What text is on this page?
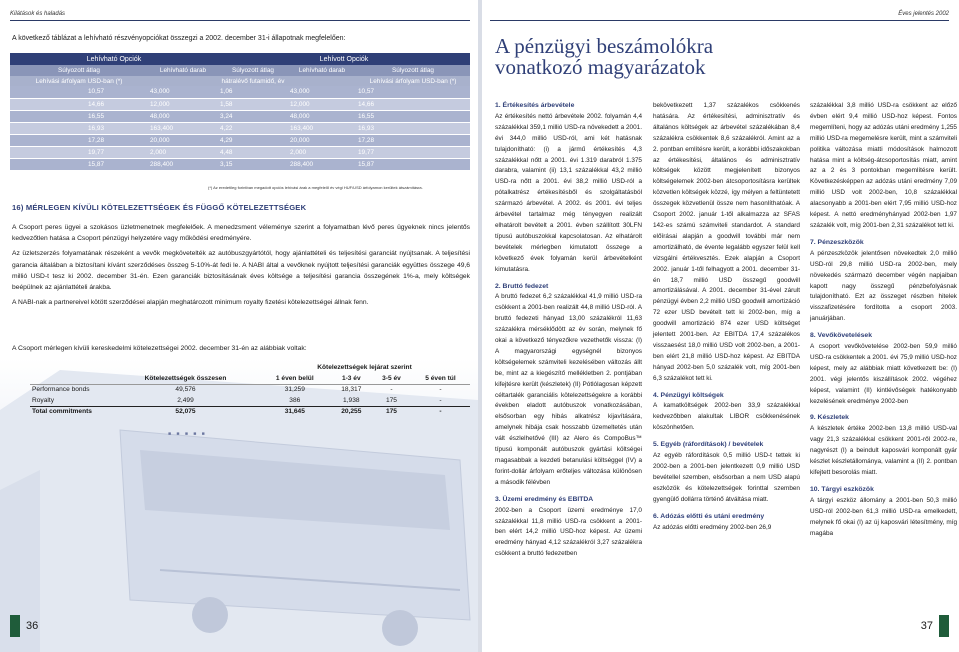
Kilátások és haladás
A következő táblázat a lehívható részvényopciókat összegzi a 2002. december 31-i állapotnak megfelelően:
Lehívható Opciók		Lehívott Opciók		
Súlyozott átlag	Lehívható darab	Súlyozott átlag	Lehívható darab	Súlyozott átlag
Lehívási árfolyam USD-ban (*)		hátralévő futamidő, év		Lehívási árfolyam USD-ban (*)
10,57	43,000	1,06	43,000	10,57
14,66	12,000	1,58	12,000	14,66
16,55	48,000	3,24	48,000	16,55
16,93	163,400	4,22	163,400	16,93
17,28	20,000	4,29	20,000	17,28
19,77	2,000	4,48	2,000	19,77
15,87	288,400	3,15	288,400	15,87
(*) Az eredetileg forintban megadott opciós lehívási árak a megfelelő év végi HUF/USD árfolyamon kerültek átszámításra.
16) MÉRLEGEN KÍVÜLI KÖTELEZETTSÉGEK ÉS FÜGGŐ KÖTELEZETTSÉGEK

A Csoport peres ügyei a szokásos üzletmenetnek megfelelőek. A menedzsment véleménye szerint a folyamatban lévő peres ügyeknek nincs jelentős kedvezőtlen hatása a Csoport pénzügyi helyzetére vagy működési eredményére.

Az üzletszerzés folyamatának részeként a vevők megkövetelték az autóbuszgyártótól, hogy ajánlattételi és teljesítési garanciát nyújtsanak. A teljesítési garancia általában a biztosítani kívánt szerződéses összeg 5-10%-át fedi le. A NABI által a vevőknek nyújtott teljesítési garanciák együttes összege 49,6 millió USD-t tesz ki 2002. december 31-én. Ezen garanciák biztosításának éves költsége a teljesítési garancia összegének 1%-a, mely költségek beépülnek az ajánlattételi árakba.

A NABI-nak a partnereivel kötött szerződései alapján meghatározott minimum royalty fizetési kötelezettségei állnak fenn.

A Csoport mérlegen kívüli kereskedelmi kötelezettségei 2002. december 31-én az alábbiak voltak:
		Kötelezettségek lejárat szerint			
	Kötelezettségek összesen	1 éven belül	1-3 év	3-5 év	5 éven túl
Performance bonds	49,576	31,259	18,317	-	-
Royalty	2,499	386	1,938	175	-
Total commitments	52,075	31,645	20,255	175	-
■ ■ ■ ■ ■
36
Éves jelentés 2002
A pénzügyi beszámolókra
vonatkozó magyarázatok
1. Értékesítés árbevétele

Az értékesítés nettó árbevétele 2002. folyamán 4,4 százalékkal 359,1 millió USD-ra növekedett a 2001. évi 344,0 millió USD-ról, ami két hatásnak tulajdonítható: (i) a jármű értékesítés 4,3 százalékkal nőtt a 2001. évi 1.319 darabról 1.375 darabra, valamint (ii) 13,1 százalékkal 43,2 millió USD-ra nőtt a 2001. évi 38,2 millió USD-ról a pótalkatrész értékesítésből és szolgáltatásból származó árbevétel. A 2002. és 2001. évi teljes árbevétel tartalmaz még tényegyen realizált elhatárolt bevételt a 2001. évben szállított 30LFN típusú autóbuszokkal kapcsolatosan. Az elhatárolt bevételek mérlegben kimutatott összege a következő évek folyamán kerül árbevételként kimutatásra.

2. Bruttó fedezet

A bruttó fedezet 6,2 százalékkal 41,9 millió USD-ra csökkent a 2001-ben realizált 44,8 millió USD-ról. A bruttó fedezeti hányad 13,00 százalékról 11,63 százalékra mérséklődött az év során, melynek fő okai a következő tényezőkre vezethetők vissza: (I) A magyarországi egységnél bizonyos költségelemek számviteli kezelésében változás állt be, mint az a kiegészítő mellékletben 2. pontjában kifejtésre került (készletek) (II) Pótlólagosan képzett céltartalék garanciális kötelezettségekre a korábbi években eladott autóbuszok vonatkozásában, elsősorban egy hibás alkatrész kijavítására, amelynek hibája csak hosszabb üzemeltetés után vált észlelhetővé (III) az Alero és CompoBus™ típusú komponált autóbuszok gyártási költségei magasabbak a kezdeti betanulási költséggel (IV) a forint-dollár árfolyam erőteljes változása különösen a második félévben

3. Üzemi eredmény és EBITDA

2002-ben a Csoport üzemi eredménye 17,0 százalékkal 11,8 millió USD-ra csökkent a 2001-ben elért 14,2 millió USD-hoz képest. Az üzemi eredmény hányad 4,12 százalékról 3,27 százalékra csökkent a bruttó fedezetben

bekövetkezett 1,37 százalékos csökkenés hatására. Az értékesítési, adminisztratív és általános költségek az árbevétel százalékában 8,4 százalékra csökkentek 8,6 százalékról. Amint az a 2. pontban említésre került, a korábbi időszakokban az értékesítési, általános és adminisztratív költségek között megjelenített bizonyos költségelemek 2002-ben átcsoportosításra kerültek közvetlen költségek közzé, így mélyen a feltüntetett összegek közvetlenül össze nem hasonlíthatóak. A Csoport 2002. január 1-től alkalmazza az SFAS 142-es számú számviteli standardot. A standard előírásai alapján a goodwill további már nem amortizálható, de évente legalább egyszer felül kell vizsgálni értékvesztés. Ezek alapján a Csoport 2002. január 1-től felhagyott a 2001. december 31-én 18,7 millió USD összegű goodwill amortizálásával. A 2001. december 31-ével zárult pénzügyi évben 2,2 millió USD goodwill amortizáció 72 ezer USD bevételt tett ki 2002-ben, míg a goodwill amortizáció 874 ezer USD költséget jelentett 2001-ben. Az EBITDA 17,4 százalékos visszaesést 18,0 millió USD volt 2002-ben, a 2001-ben elért 21,8 millió USD-hoz képest. Az EBITDA hányad 2002-ben 5,0 százalék volt, míg 2001-ben 6,3 százalékot tett ki.

4. Pénzügyi költségek

A kamatköltségek 2002-ben 33,9 százalékkal kedvezőbben alakultak LIBOR csökkenésének köszönhetően.

5. Egyéb (ráfordítások) / bevételek

Az egyéb ráfordítások 0,5 millió USD-t tettek ki 2002-ben a 2001-ben jelentkezett 0,9 millió USD bevétellel szemben, elsősorban a nem USD alapú eszközök és kötelezettségek forinttal szemben gyengülő dollárra történő átváltása miatt.

6. Adózás előtti és utáni eredmény

Az adózás előtti eredmény 2002-ben 26,9

százalékkal 3,8 millió USD-ra csökkent az előző évben elért 9,4 millió USD-hoz képest. Fontos megemlíteni, hogy az adózás utáni eredmény 1,255 millió USD-ra megemelésre került, mint a számviteli politika változása miatti módosítások halmozott hatása mint a költség-átcsoportosítás miatt, amint az a 2 és 3 pontokban megemlítésre került. Következésképpen az adózás utáni eredmény 7,09 millió USD volt 2002-ben, 10,8 százalékkal alacsonyabb a 2001-ben elért 7,95 millió USD-hoz képest. A nettó eredményhányad 2002-ben 1,97 százalék volt, míg 2001-ben 2,31 százalékot tett ki.

7. Pénzeszközök

A pénzeszközök jelentősen növekedtek 2,0 millió USD-ról 29,8 millió USD-ra 2002-ben, mely növekedés származó december végén napjaiban kapott nagy összegű pénzbefolyásnak tulajdonítható. Ezt az összeget részben hitelek visszafizetésére fordította a csoport 2003. januárjában.

8. Vevőkövetelések

A csoport vevőkövetelése 2002-ben 59,9 millió USD-ra csökkentek a 2001. évi 75,9 millió USD-hoz képest, mely az alábbiak miatt következett be: (I) 2001. végi jelentős kiszállítások 2002. végéhez képest, valamint (II) kintlévőségek hatékonyabb kezelésének eredménye 2002-ben

9. Készletek

A készletek értéke 2002-ben 13,8 millió USD-val vagy 21,3 százalékkal csökkent 2001-ről 2002-re, nagyrészt (I) a beindult kaposvári komponált gyár készlet készletállománya, valamint a (II) 2. pontban kifejtett besorolás miatt.

10. Tárgyi eszközök

A tárgyi eszköz állomány a 2001-ben 50,3 millió USD-ról 2002-ben 61,3 millió USD-ra emelkedett, melynek fő okai (I) az új kaposvári létesítmény, míg magába

37
